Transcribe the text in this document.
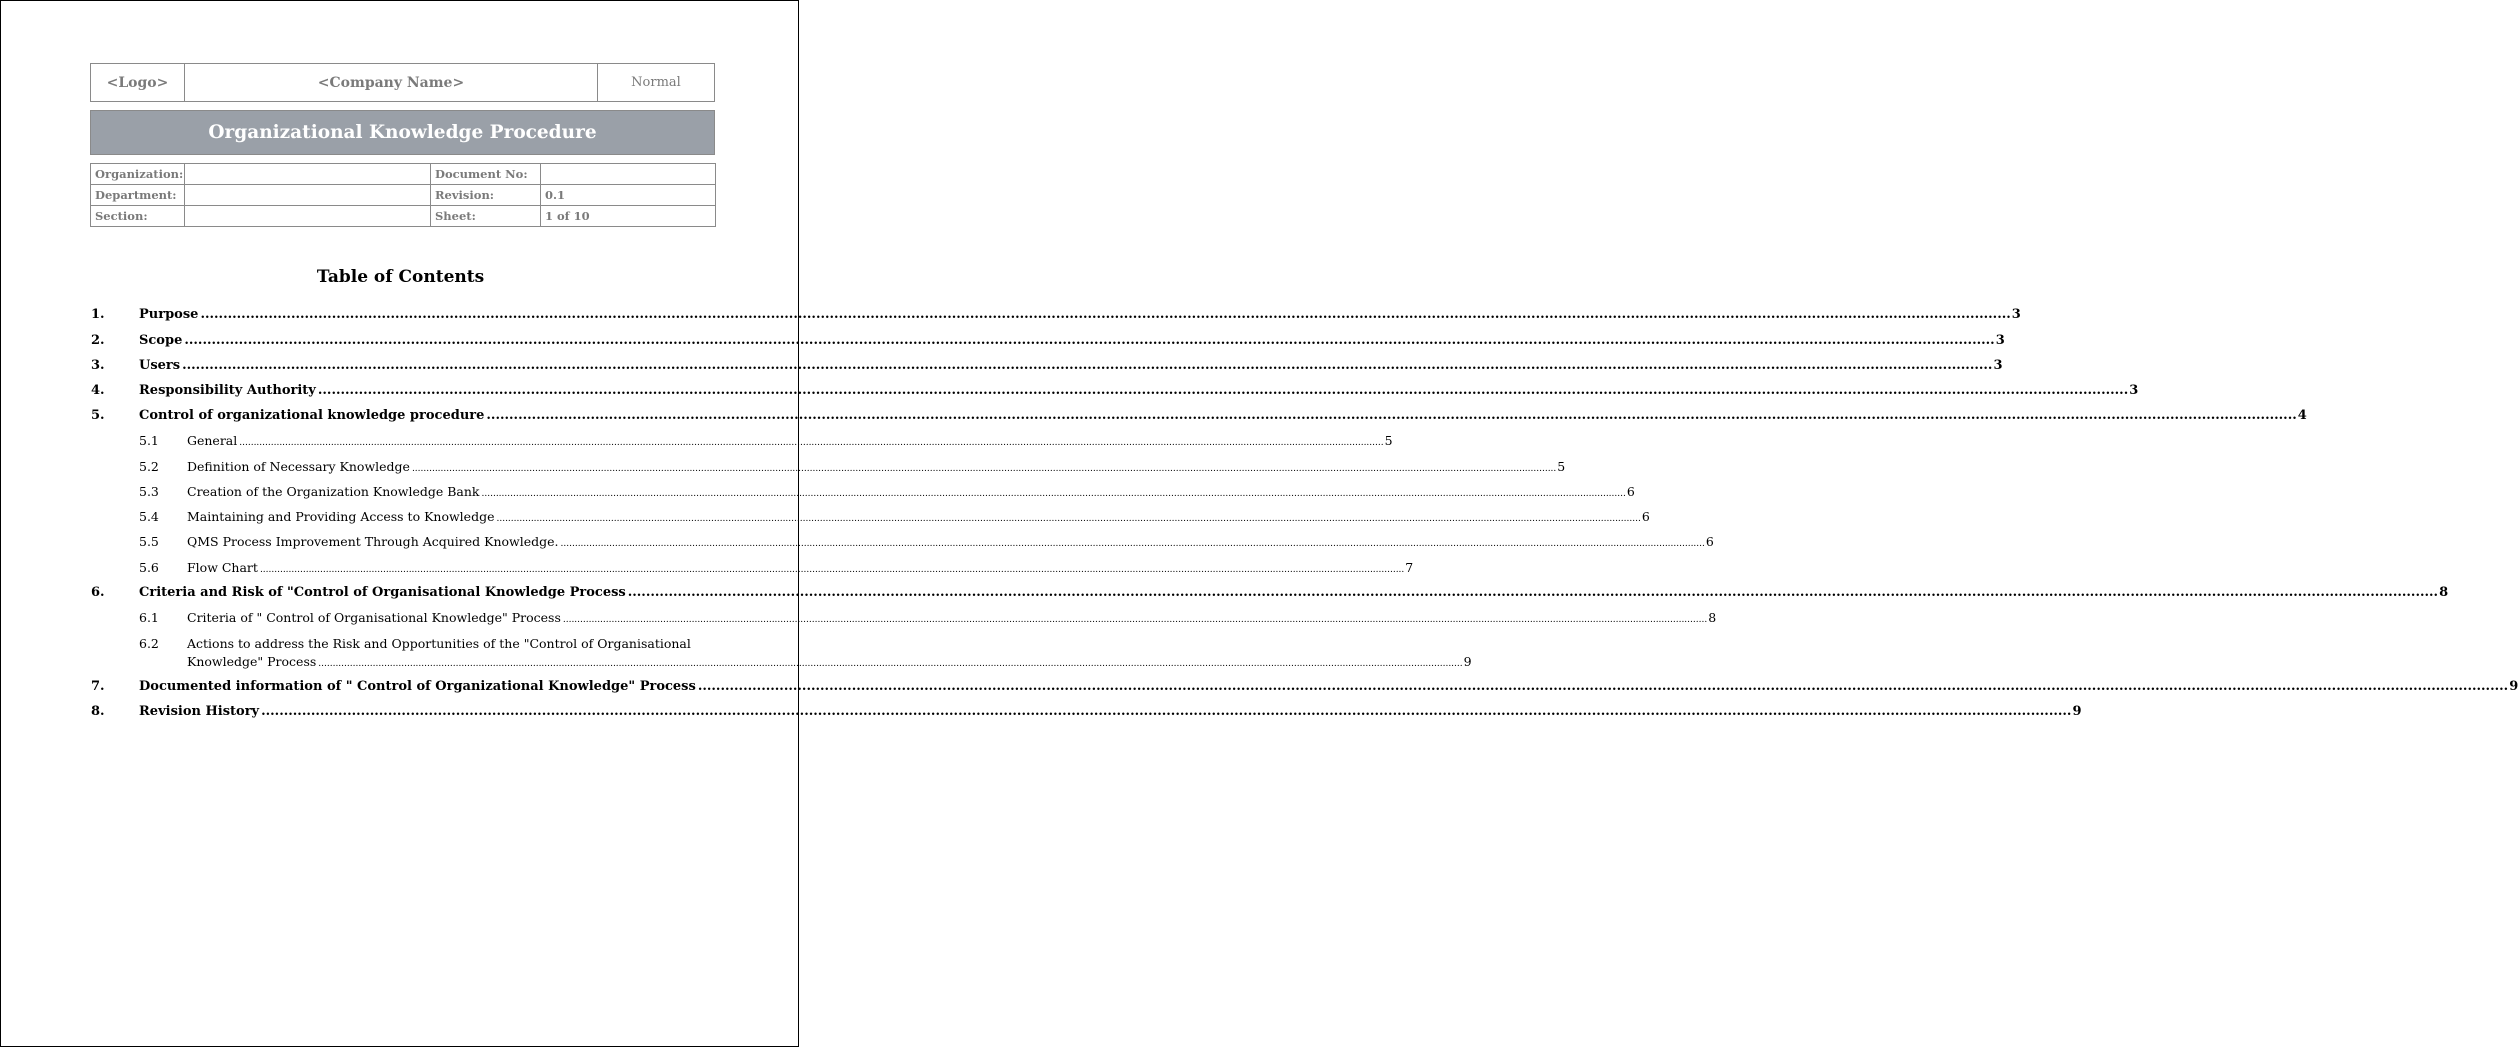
<Logo>	<Company Name>	Normal
Organizational Knowledge Procedure
Organization:		Document No:	
Department:		Revision:	0.1
Section:		Sheet:	1 of 10
Table of Contents
1.	Purpose ................................................................................................................................................................................................................................................................................................................................................................................................................ 3
2.	Scope ................................................................................................................................................................................................................................................................................................................................................................................................................ 3
3.	Users ................................................................................................................................................................................................................................................................................................................................................................................................................ 3
4.	Responsibility Authority ................................................................................................................................................................................................................................................................................................................................................................................................................ 3
5.	Control of organizational knowledge procedure ................................................................................................................................................................................................................................................................................................................................................................................................................ 4
5.1 General ................................................................................................................................................................................................................................................................................................................................................................................................................ 5
5.2 Definition of Necessary Knowledge ................................................................................................................................................................................................................................................................................................................................................................................................................ 5
5.3 Creation of the Organization Knowledge Bank ................................................................................................................................................................................................................................................................................................................................................................................................................ 6
5.4 Maintaining and Providing Access to Knowledge ................................................................................................................................................................................................................................................................................................................................................................................................................ 6
5.5 QMS Process Improvement Through Acquired Knowledge. ................................................................................................................................................................................................................................................................................................................................................................................................................ 6
5.6 Flow Chart ................................................................................................................................................................................................................................................................................................................................................................................................................ 7
6.	Criteria and Risk of "Control of Organisational Knowledge Process ................................................................................................................................................................................................................................................................................................................................................................................................................ 8
6.1 Criteria of " Control of Organisational Knowledge" Process ................................................................................................................................................................................................................................................................................................................................................................................................................ 8
6.2 Actions to address the Risk and Opportunities of the "Control of Organisational
Knowledge" Process ................................................................................................................................................................................................................................................................................................................................................................................................................ 9
7.	Documented information of " Control of Organizational Knowledge" Process ................................................................................................................................................................................................................................................................................................................................................................................................................ 9
8.	Revision History ................................................................................................................................................................................................................................................................................................................................................................................................................ 9
